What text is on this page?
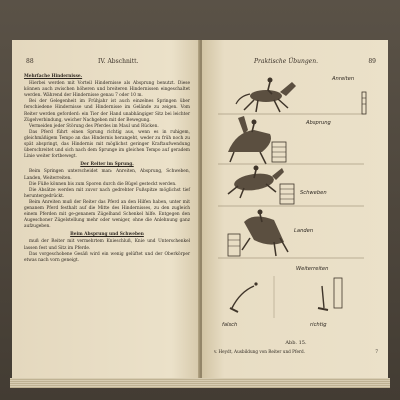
88	IV. Abschnitt.

Mehrfache Hindernisse.

Hierbei werden mit Vorteil Hindernisse als Absprung benutzt. Diese können auch zwischen höheren und breiteren Hindernissen eingeschaltet werden. Während der Hindernisse genau 7 oder 10 m.

Bei der Gelegenheit im Frühjahr ist auch einzelnes Springen über ferschiedene Hindernisse und Hindernisse im Gelände zu zeigen. Vom Reiter werden geforderd: ein Tier der Hand unabhängiger Sitz bei leichter Zügelverbindung, weicher Nachgeben mit der Bewegung.

Vermeiden jeder Störung des Pferdes im Maul und Rücken.

Das Pferd führt einen Sprung richtig aus, wenn es in ruhigem, gleichmäßigem Tempo an das Hindernis herangeht, weder zu früh noch zu spät abspringt, das Hindernis mit möglichst geringer Kraftaufwendung überschreitet und sich nach dem Sprunge im gleichen Tempo auf geradem Linie weiter fortbewegt.

Der Reiter im Sprung.

Beim Springen unterscheidet man: Anreiten, Absprung, Schweben, Landen, Weiterreiten.

Die Füße können bis zum Sporen durch die Bügel gesteckt werden.

Die Absätze werden mit zuvor nach gedrehter Fußspitze möglichst tief heruntergedrückt.

Beim Anreiten muß der Reiter das Pferd an den Hilfen haben, unter mit genanem Pferd festhalt auf die Mitte des Hindernisses, zu den zugleich einem Pferden mit ge-genanem Zügelhand Schenkel hilfe. Entgegen den Augeschoner Zügelstellung mehr oder weniger, ohne die Anlehnung ganz aufzugeben.

Beim Absprung und Schweben

muß der Reiter mit vermehrtem Knieschluß, Knie und Unterschenkel lassen fest und Sitz im Pferde.

Das vorgeschobene Gesäß wird ein wenig gelüftet und der Oberkörper etwas nach vorn geneigt.

Praktische Übungen.	89
Anreiten
Absprung
Schweben
Landen
Weiterreiten
falsch	richtig
Abb. 15.
v. Heydt, Ausbildung von Reiter und Pferd.	7
